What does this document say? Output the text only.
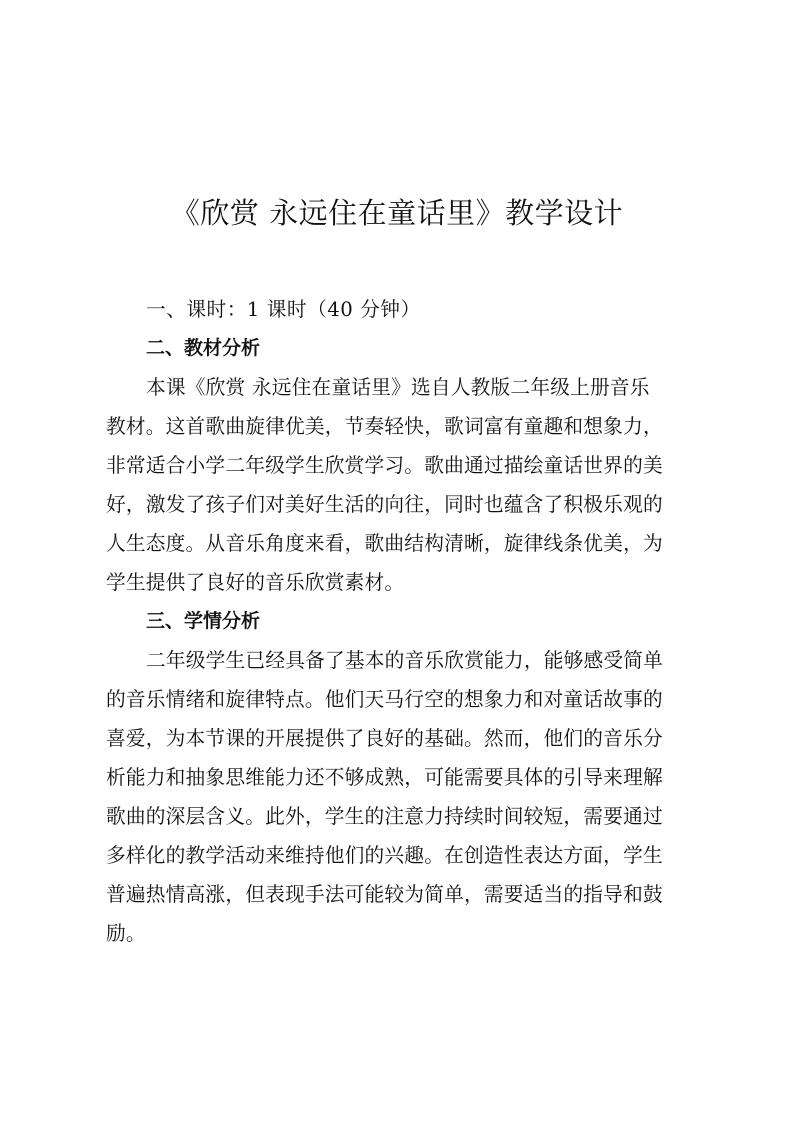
《欣赏 永远住在童话里》教学设计
一、课时：1 课时（40 分钟）
二、教材分析
本课《欣赏 永远住在童话里》选自人教版二年级上册音乐
教材。这首歌曲旋律优美，节奏轻快，歌词富有童趣和想象力，
非常适合小学二年级学生欣赏学习。歌曲通过描绘童话世界的美
好，激发了孩子们对美好生活的向往，同时也蕴含了积极乐观的
人生态度。从音乐角度来看，歌曲结构清晰，旋律线条优美，为
学生提供了良好的音乐欣赏素材。
三、学情分析
二年级学生已经具备了基本的音乐欣赏能力，能够感受简单
的音乐情绪和旋律特点。他们天马行空的想象力和对童话故事的
喜爱，为本节课的开展提供了良好的基础。然而，他们的音乐分
析能力和抽象思维能力还不够成熟，可能需要具体的引导来理解
歌曲的深层含义。此外，学生的注意力持续时间较短，需要通过
多样化的教学活动来维持他们的兴趣。在创造性表达方面，学生
普遍热情高涨，但表现手法可能较为简单，需要适当的指导和鼓
励。
